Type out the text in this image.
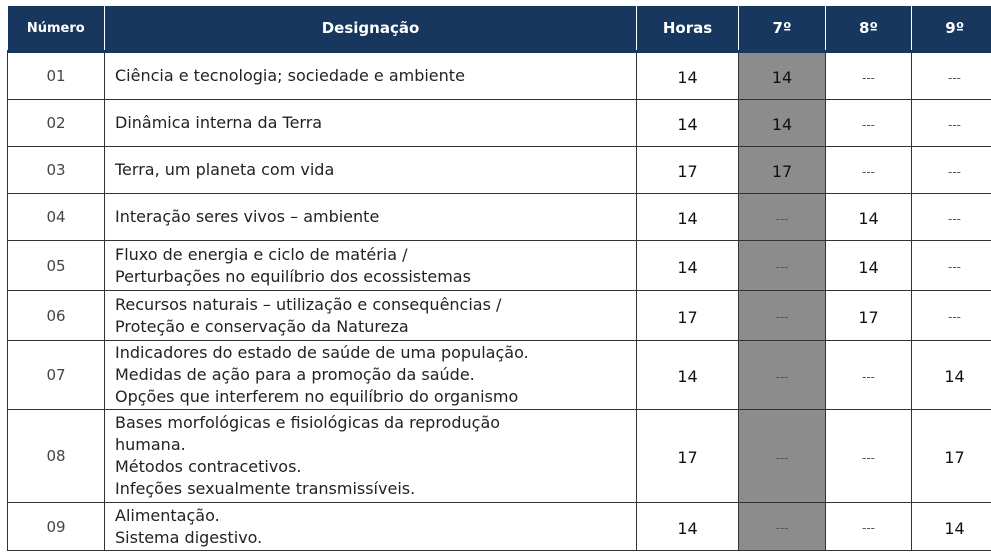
Número	Designação	Horas	7º	8º	9º
01	Ciência e tecnologia; sociedade e ambiente	14	14	---	---
02	Dinâmica interna da Terra	14	14	---	---
03	Terra, um planeta com vida	17	17	---	---
04	Interação seres vivos – ambiente	14	---	14	---
05	Fluxo de energia e ciclo de matéria /
Perturbações no equilíbrio dos ecossistemas	14	---	14	---
06	Recursos naturais – utilização e consequências /
Proteção e conservação da Natureza	17	---	17	---
07	Indicadores do estado de saúde de uma população.
Medidas de ação para a promoção da saúde.
Opções que interferem no equilíbrio do organismo	14	---	---	14
08	Bases morfológicas e fisiológicas da reprodução
humana.
Métodos contracetivos.
Infeções sexualmente transmissíveis.	17	---	---	17
09	Alimentação.
Sistema digestivo.	14	---	---	14
